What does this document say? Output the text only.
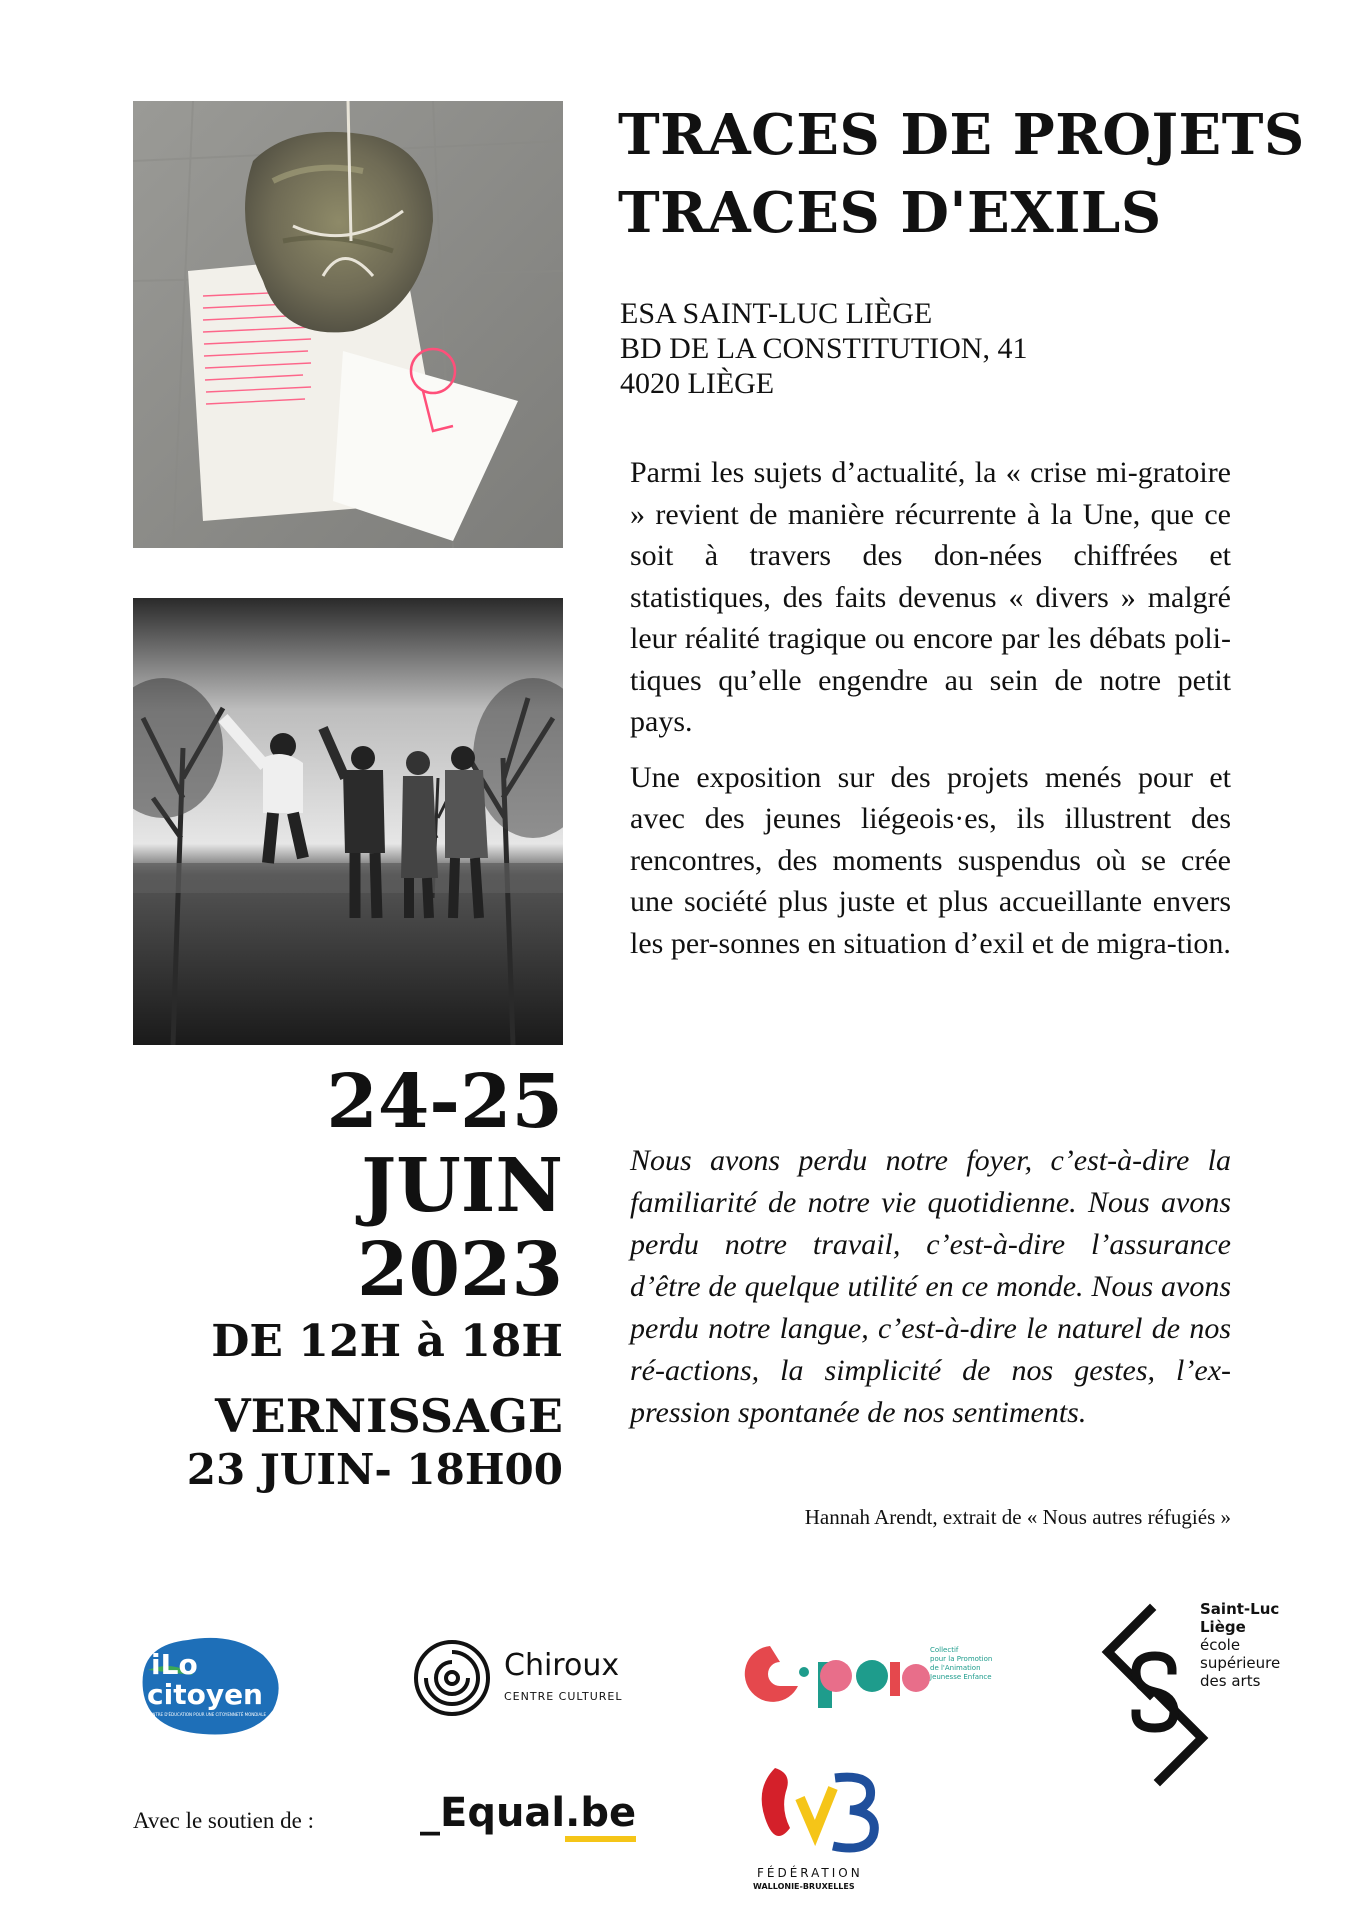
TRACES DE PROJETS
TRACES D'EXILS
ESA SAINT-LUC LIÈGE
BD DE LA CONSTITUTION, 41
4020 LIÈGE

Parmi les sujets d’actualité, la « crise mi-gratoire » revient de manière récurrente à la Une, que ce soit à travers des don-nées chiffrées et statistiques, des faits devenus « divers » malgré leur réalité tragique ou encore par les débats poli-tiques qu’elle engendre au sein de notre petit pays.

Une exposition sur des projets menés pour et avec des jeunes liégeois·es, ils illustrent des rencontres, des moments suspendus où se crée une société plus juste et plus accueillante envers les per-sonnes en situation d’exil et de migra-tion.

Nous avons perdu notre foyer, c’est-à-dire la familiarité de notre vie quotidienne. Nous avons perdu notre travail, c’est-à-dire l’assurance d’être de quelque utilité en ce monde. Nous avons perdu notre langue, c’est-à-dire le naturel de nos ré-actions, la simplicité de nos gestes, l’ex-pression spontanée de nos sentiments.
Hannah Arendt, extrait de « Nous autres réfugiés »
24-25
JUIN
2023
DE 12H à 18H
VERNISSAGE
23 JUIN- 18H00
iLo
citoyen
CENTRE D'ÉDUCATION POUR UNE CITOYENNETÉ MONDIALE
Chiroux
CENTRE CULTUREL
Collectif
pour la Promotion
de l'Animation
Jeunesse Enfance
Saint-Luc
Liège
école
supérieure
des arts
Avec le soutien de :	_Equal.be
FÉDÉRATION
WALLONIE-BRUXELLES
